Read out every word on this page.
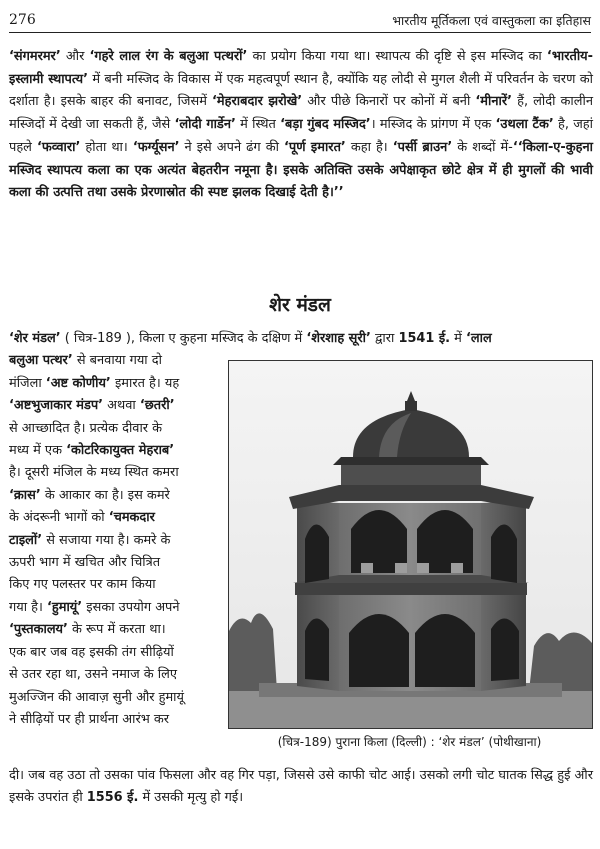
276	भारतीय मूर्तिकला एवं वास्तुकला का इतिहास

‘संगमरमर’ और ‘गहरे लाल रंग के बलुआ पत्थरों’ का प्रयोग किया गया था। स्थापत्य की दृष्टि से इस मस्जिद का ‘भारतीय-इस्लामी स्थापत्य’ में बनी मस्जिद के विकास में एक महत्वपूर्ण स्थान है, क्योंकि यह लोदी से मुगल शैली में परिवर्तन के चरण को दर्शाता है। इसके बाहर की बनावट, जिसमें ‘मेहराबदार झरोखे’ और पीछे किनारों पर कोनों में बनी ‘मीनारें’ हैं, लोदी कालीन मस्जिदों में देखी जा सकती हैं, जैसे ‘लोदी गार्डेन’ में स्थित ‘बड़ा गुंबद मस्जिद’। मस्जिद के प्रांगण में एक ‘उथला टैंक’ है, जहां पहले ‘फव्वारा’ होता था। ‘फर्ग्यूसन’ ने इसे अपने ढंग की ‘पूर्ण इमारत’ कहा है। ‘पर्सी ब्राउन’ के शब्दों में-‘‘किला-ए-कुहना मस्जिद स्थापत्य कला का एक अत्यंत बेहतरीन नमूना है। इसके अतिक्ति उसके अपेक्षाकृत छोटे क्षेत्र में ही मुगलों की भावी कला की उत्पत्ति तथा उसके प्रेरणास्रोत की स्पष्ट झलक दिखाई देती है।’’

शेर मंडल

‘शेर मंडल’ ( चित्र-189 ), किला ए कुहना मस्जिद के दक्षिण में ‘शेरशाह सूरी’ द्वारा 1541 ई. में ‘लाल
बलुआ पत्थर’ से बनवाया गया दो
मंजिला ‘अष्ट कोणीय’ इमारत है। यह
‘अष्टभुजाकार मंडप’ अथवा ‘छतरी’
से आच्छादित है। प्रत्येक दीवार के
मध्य में एक ‘कोटरिकायुक्त मेहराब’
है। दूसरी मंजिल के मध्य स्थित कमरा
‘क्रास’ के आकार का है। इस कमरे
के अंदरूनी भागों को ‘चमकदार
टाइलों’ से सजाया गया है। कमरे के
ऊपरी भाग में खचित और चित्रित
किए गए पलस्तर पर काम किया
गया है। ‘हुमायूं’ इसका उपयोग अपने
‘पुस्तकालय’ के रूप में करता था।
एक बार जब वह इसकी तंग सीढ़ियों
से उतर रहा था, उसने नमाज के लिए
मुअज्जिन की आवाज़ सुनी और हुमायूं
ने सीढ़ियों पर ही प्रार्थना आरंभ कर

(चित्र-189) पुराना किला (दिल्ली) : ‘शेर मंडल’ (पोथीखाना)

दी। जब वह उठा तो उसका पांव फिसला और वह गिर पड़ा, जिससे उसे काफी चोट आई। उसको लगी चोट घातक सिद्ध हुई और इसके उपरांत ही 1556 ई. में उसकी मृत्यु हो गई।
